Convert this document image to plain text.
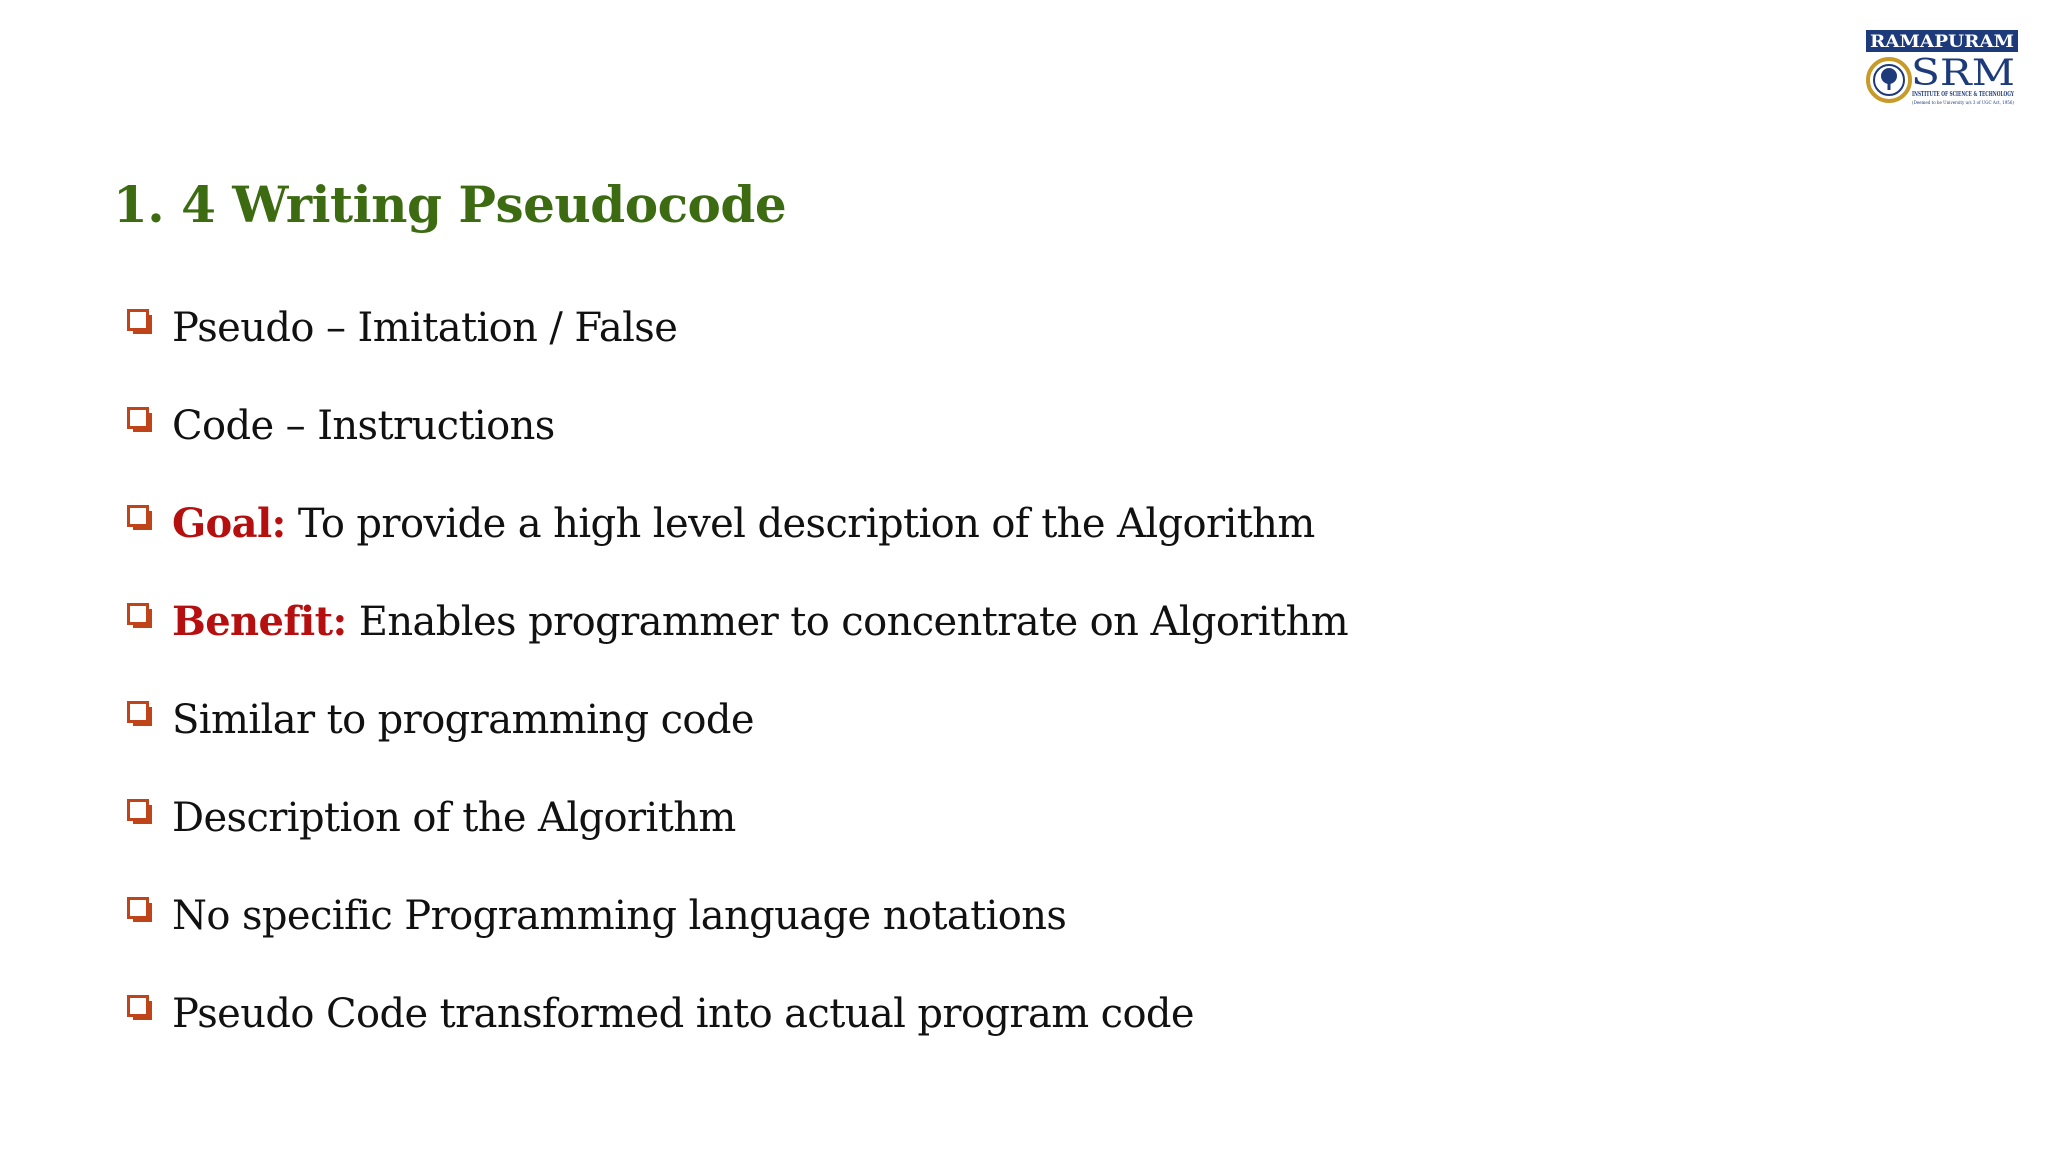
RAMAPURAM
SRM
INSTITUTE OF SCIENCE & TECHNOLOGY
(Deemed to be University u/s 3 of UGC Act, 1956)
1. 4 Writing Pseudocode
Pseudo – Imitation / False
Code – Instructions
Goal: To provide a high level description of the Algorithm
Benefit: Enables programmer to concentrate on Algorithm
Similar to programming code
Description of the Algorithm
No specific Programming language notations
Pseudo Code transformed into actual program code
